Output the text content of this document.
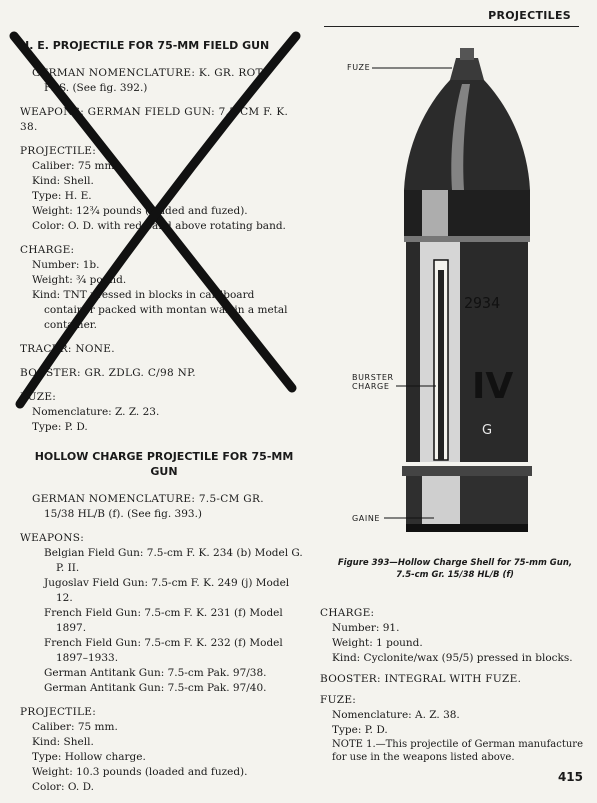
PROJECTILES

H. E. PROJECTILE FOR 75-MM FIELD GUN

GERMAN NOMENCLATURE: K. GR. ROT

FES. (See fig. 392.)

WEAPONS: GERMAN FIELD GUN: 7.5-CM F. K. 38.

PROJECTILE:

Caliber: 75 mm.

Kind: Shell.

Type: H. E.

Weight: 12¾ pounds (loaded and fuzed).

Color: O. D. with red band above rotating band.

CHARGE:

Number: 1b.

Weight: ¾ pound.

Kind: TNT pressed in blocks in cardboard container packed with montan wax in a metal container.

TRACER: NONE.

BOOSTER: GR. ZDLG. C/98 NP.

FUZE:

Nomenclature: Z. Z. 23.

Type: P. D.

HOLLOW CHARGE PROJECTILE FOR 75-MM

GUN

GERMAN NOMENCLATURE: 7.5-CM GR.

15/38 HL/B (f). (See fig. 393.)

WEAPONS:

Belgian Field Gun: 7.5-cm F. K. 234 (b) Model G. P. II.

Jugoslav Field Gun: 7.5-cm F. K. 249 (j) Model 12.

French Field Gun: 7.5-cm F. K. 231 (f) Model 1897.

French Field Gun: 7.5-cm F. K. 232 (f) Model 1897–1933.

German Antitank Gun: 7.5-cm Pak. 97/38.

German Antitank Gun: 7.5-cm Pak. 97/40.

PROJECTILE:

Caliber: 75 mm.

Kind: Shell.

Type: Hollow charge.

Weight: 10.3 pounds (loaded and fuzed).

Color: O. D.

2934
IV
G
FUZE
BURSTER
CHARGE
GAINE
Figure 393—Hollow Charge Shell for 75-mm Gun,
7.5-cm Gr. 15/38 HL/B (f)

CHARGE:

Number: 91.

Weight: 1 pound.

Kind: Cyclonite/wax (95/5) pressed in blocks.

BOOSTER: INTEGRAL WITH FUZE.

FUZE:

Nomenclature: A. Z. 38.

Type: P. D.

NOTE 1.—This projectile of German manufacture for use in the weapons listed above.

415
